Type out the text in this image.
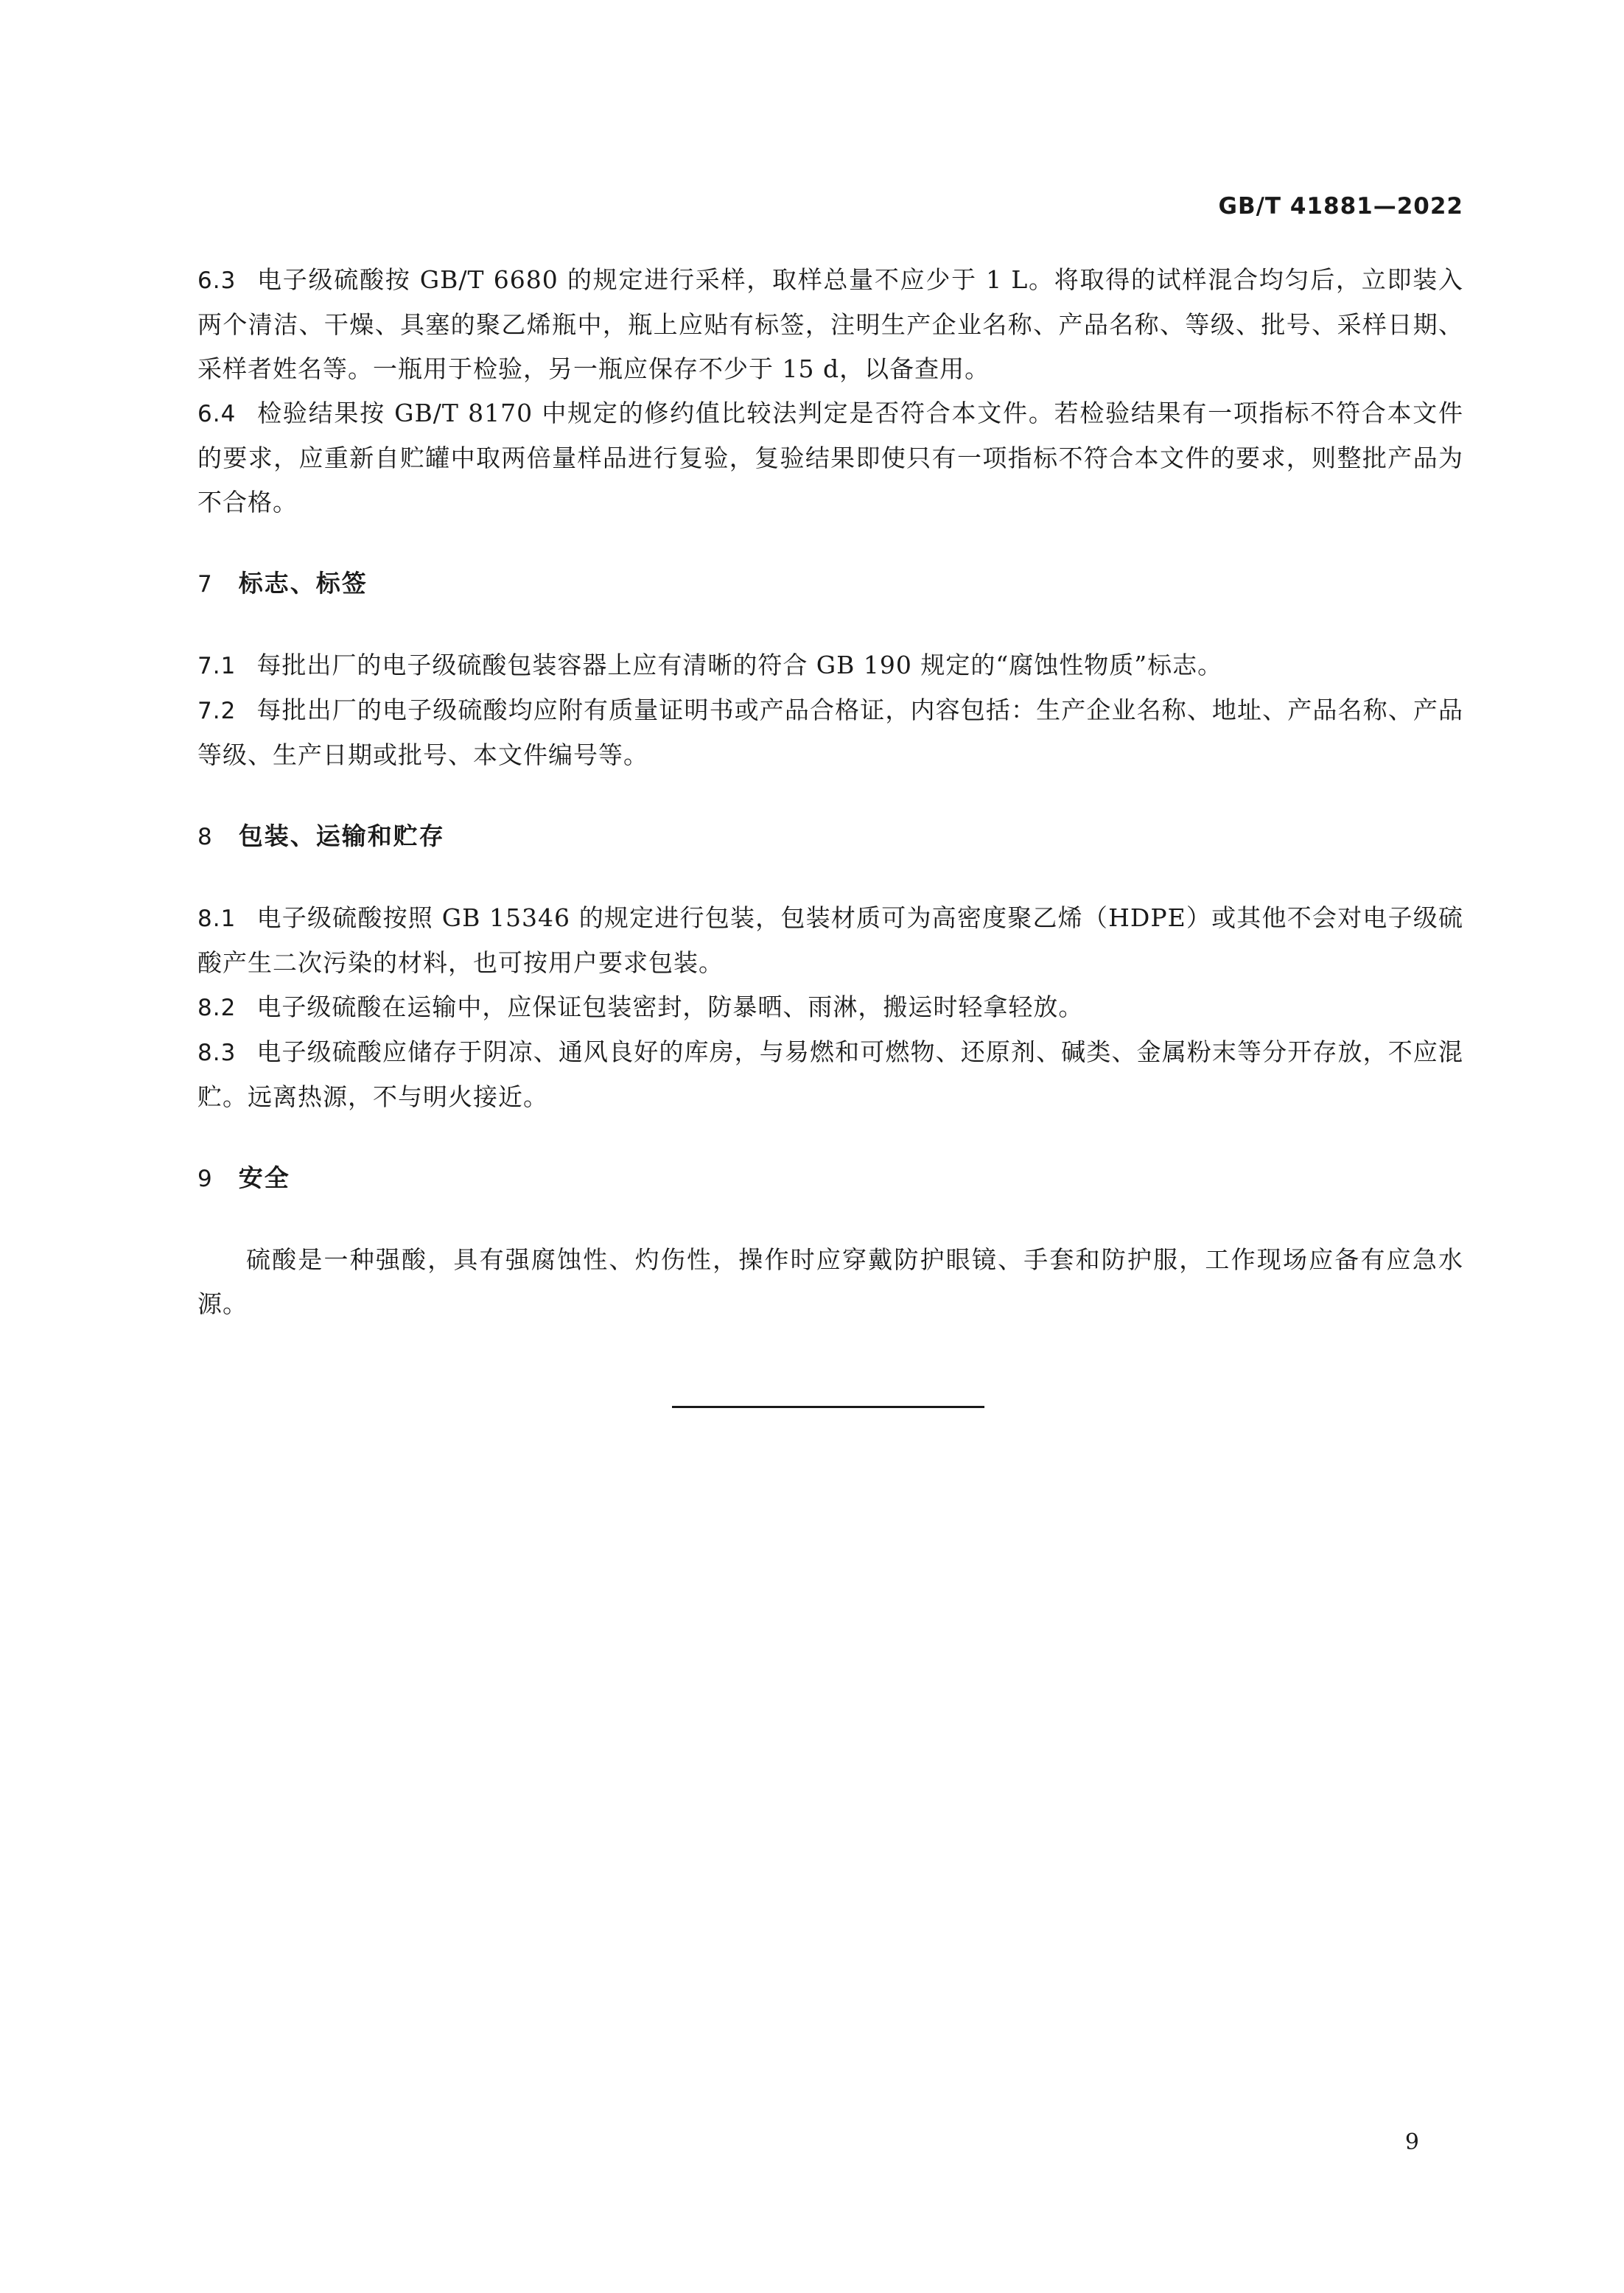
GB/T 41881—2022

6.3 电子级硫酸按 GB/T 6680 的规定进行采样，取样总量不应少于 1 L。将取得的试样混合均匀后，立即装入两个清洁、干燥、具塞的聚乙烯瓶中，瓶上应贴有标签，注明生产企业名称、产品名称、等级、批号、采样日期、采样者姓名等。一瓶用于检验，另一瓶应保存不少于 15 d，以备查用。

6.4 检验结果按 GB/T 8170 中规定的修约值比较法判定是否符合本文件。若检验结果有一项指标不符合本文件的要求，应重新自贮罐中取两倍量样品进行复验，复验结果即使只有一项指标不符合本文件的要求，则整批产品为不合格。

7 标志、标签

7.1 每批出厂的电子级硫酸包装容器上应有清晰的符合 GB 190 规定的“腐蚀性物质”标志。

7.2 每批出厂的电子级硫酸均应附有质量证明书或产品合格证，内容包括：生产企业名称、地址、产品名称、产品等级、生产日期或批号、本文件编号等。

8 包装、运输和贮存

8.1 电子级硫酸按照 GB 15346 的规定进行包装，包装材质可为高密度聚乙烯（HDPE）或其他不会对电子级硫酸产生二次污染的材料，也可按用户要求包装。

8.2 电子级硫酸在运输中，应保证包装密封，防暴晒、雨淋，搬运时轻拿轻放。

8.3 电子级硫酸应储存于阴凉、通风良好的库房，与易燃和可燃物、还原剂、碱类、金属粉末等分开存放，不应混贮。远离热源，不与明火接近。

9 安全

硫酸是一种强酸，具有强腐蚀性、灼伤性，操作时应穿戴防护眼镜、手套和防护服，工作现场应备有应急水源。

9
